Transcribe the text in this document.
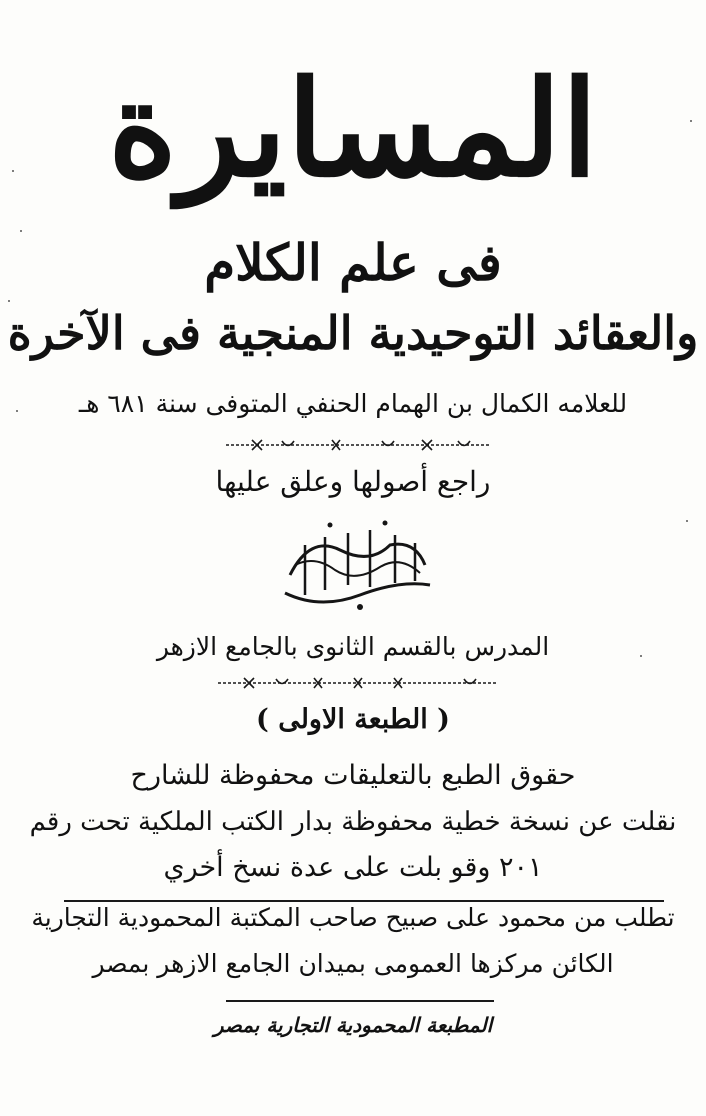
المسايرة
فى علم الكلام
والعقائد التوحيدية المنجية فى الآخرة
للعلامه الكمال بن الهمام الحنفي المتوفى سنة ٦٨١ هـ
راجع أصولها وعلق عليها
المدرس بالقسم الثانوى بالجامع الازهر
( الطبعة الاولى )
حقوق الطبع بالتعليقات محفوظة للشارح
نقلت عن نسخة خطية محفوظة بدار الكتب الملكية تحت رقم
٢٠١ وقو بلت على عدة نسخ أخري
تطلب من محمود على صبيح صاحب المكتبة المحمودية التجارية
الكائن مركزها العمومى بميدان الجامع الازهر بمصر
المطبعة المحمودية التجارية بمصر
